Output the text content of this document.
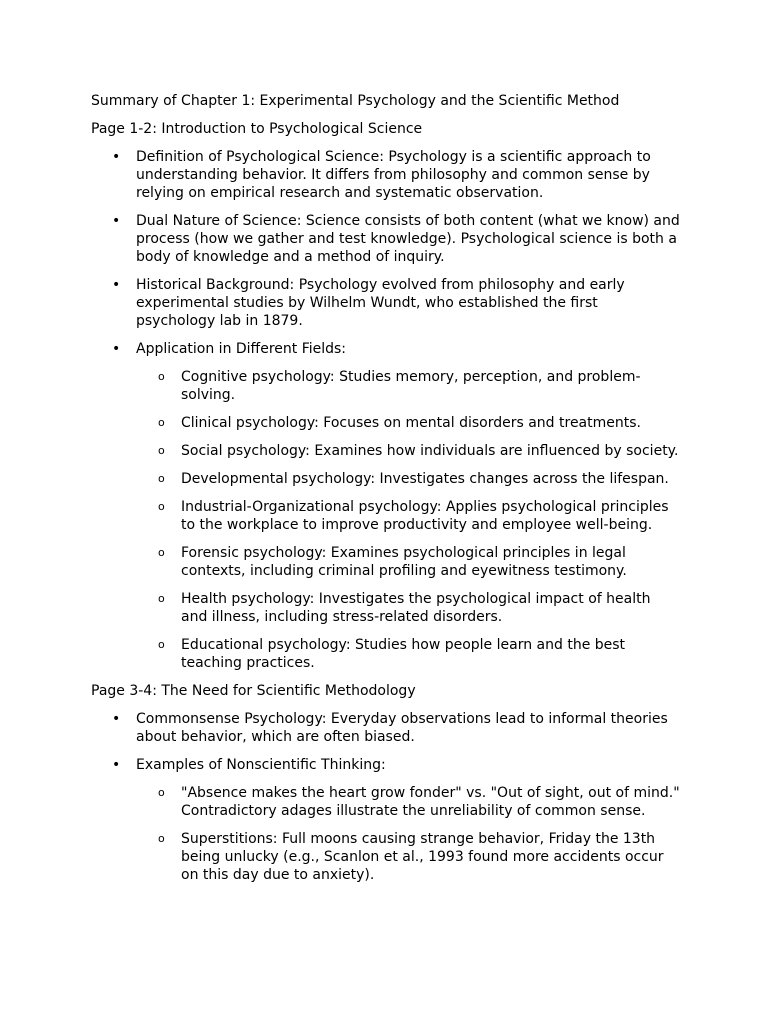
Summary of Chapter 1: Experimental Psychology and the Scientific Method

Page 1-2: Introduction to Psychological Science

• Definition of Psychological Science: Psychology is a scientific approach to understanding behavior. It differs from philosophy and common sense by relying on empirical research and systematic observation.
• Dual Nature of Science: Science consists of both content (what we know) and process (how we gather and test knowledge). Psychological science is both a body of knowledge and a method of inquiry.
• Historical Background: Psychology evolved from philosophy and early experimental studies by Wilhelm Wundt, who established the first psychology lab in 1879.
• Application in Different Fields:
o Cognitive psychology: Studies memory, perception, and problem-solving.
o Clinical psychology: Focuses on mental disorders and treatments.
o Social psychology: Examines how individuals are influenced by society.
o Developmental psychology: Investigates changes across the lifespan.
o Industrial-Organizational psychology: Applies psychological principles to the workplace to improve productivity and employee well-being.
o Forensic psychology: Examines psychological principles in legal contexts, including criminal profiling and eyewitness testimony.
o Health psychology: Investigates the psychological impact of health and illness, including stress-related disorders.
o Educational psychology: Studies how people learn and the best teaching practices.

Page 3-4: The Need for Scientific Methodology

• Commonsense Psychology: Everyday observations lead to informal theories about behavior, which are often biased.
• Examples of Nonscientific Thinking:
o "Absence makes the heart grow fonder" vs. "Out of sight, out of mind." Contradictory adages illustrate the unreliability of common sense.
o Superstitions: Full moons causing strange behavior, Friday the 13th being unlucky (e.g., Scanlon et al., 1993 found more accidents occur on this day due to anxiety).
